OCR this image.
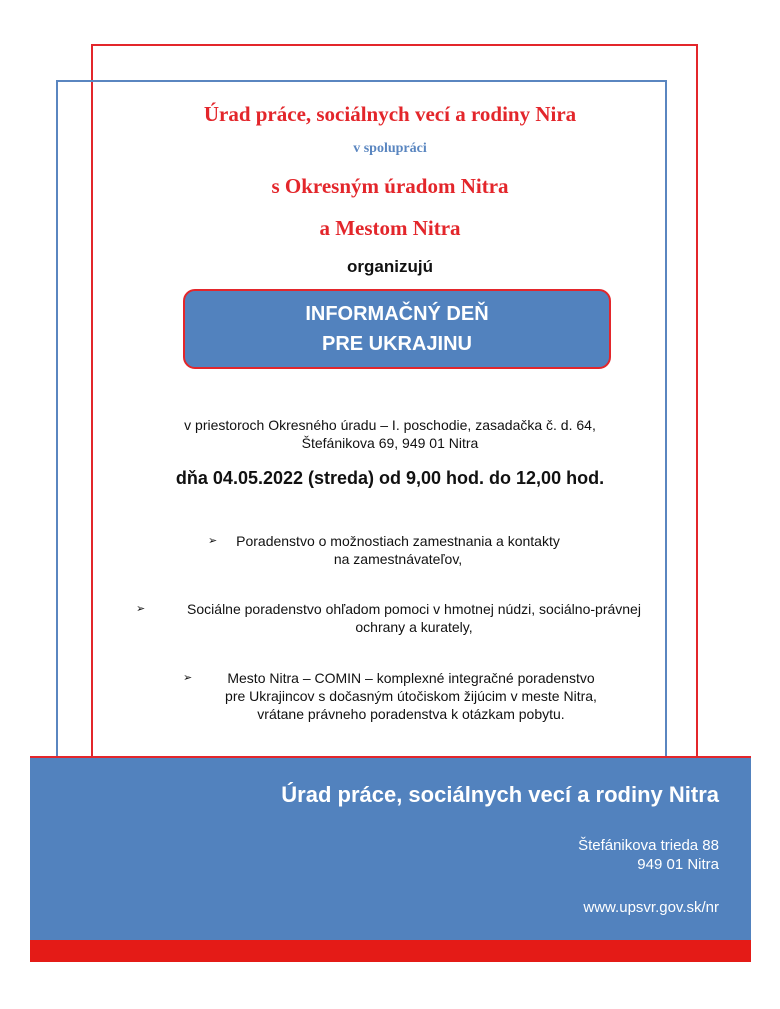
Úrad práce, sociálnych vecí a rodiny Nira
v spolupráci
s Okresným úradom Nitra
a Mestom Nitra
organizujú
INFORMAČNÝ DEŇ
PRE UKRAJINU
v priestoroch Okresného úradu – I. poschodie, zasadačka č. d. 64,
Štefánikova 69, 949 01 Nitra
dňa 04.05.2022 (streda) od 9,00 hod. do 12,00 hod.
➢	Poradenstvo o možnostiach zamestnania a kontakty
na zamestnávateľov,
➢	Sociálne poradenstvo ohľadom pomoci v hmotnej núdzi, sociálno-právnej
ochrany a kurately,
➢	Mesto Nitra – COMIN – komplexné integračné poradenstvo
pre Ukrajincov s dočasným útočiskom žijúcim v meste Nitra,
vrátane právneho poradenstva k otázkam pobytu.
Úrad práce, sociálnych vecí a rodiny Nitra
Štefánikova trieda 88
949 01 Nitra
www.upsvr.gov.sk/nr
